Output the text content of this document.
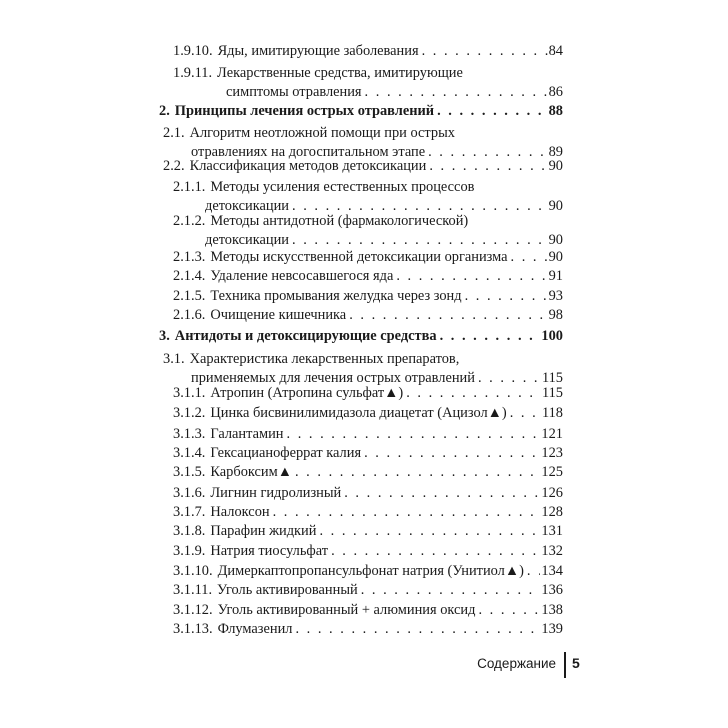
1.9.10. Яды, имитирующие заболевания . . .	84
1.9.11. Лекарственные средства, имитирующие
симптомы отравления . . .	86
2. Принципы лечения острых отравлений . . .	88
2.1. Алгоритм неотложной помощи при острых
отравлениях на догоспитальном этапе . . .	89
2.2. Классификация методов детоксикации . . .	90
2.1.1. Методы усиления естественных процессов
детоксикации . . .	90
2.1.2. Методы антидотной (фармакологической)
детоксикации . . .	90
2.1.3. Методы искусственной детоксикации организма . . .	90
2.1.4. Удаление невсосавшегося яда . . .	91
2.1.5. Техника промывания желудка через зонд . . .	93
2.1.6. Очищение кишечника . . .	98
3. Антидоты и детоксицирующие средства . . .	100
3.1. Характеристика лекарственных препаратов,
применяемых для лечения острых отравлений . . .	115
3.1.1. Атропин (Атропина сульфат▲) . . .	115
3.1.2. Цинка бисвинилимидазола диацетат (Ацизол▲) . . . 118
3.1.3. Галантамин . . .	121
3.1.4. Гексацианоферрат калия . . .	123
3.1.5. Карбоксим▲ . . .	125
3.1.6. Лигнин гидролизный . . .	126
3.1.7. Налоксон . . .	128
3.1.8. Парафин жидкий . . .	131
3.1.9. Натрия тиосульфат . . .	132
3.1.10. Димеркаптопропансульфонат натрия (Унитиол▲) . . . 134
3.1.11. Уголь активированный . . .	136
3.1.12. Уголь активированный + алюминия оксид . . .	138
3.1.13. Флумазенил . . .	139
Содержание 5
